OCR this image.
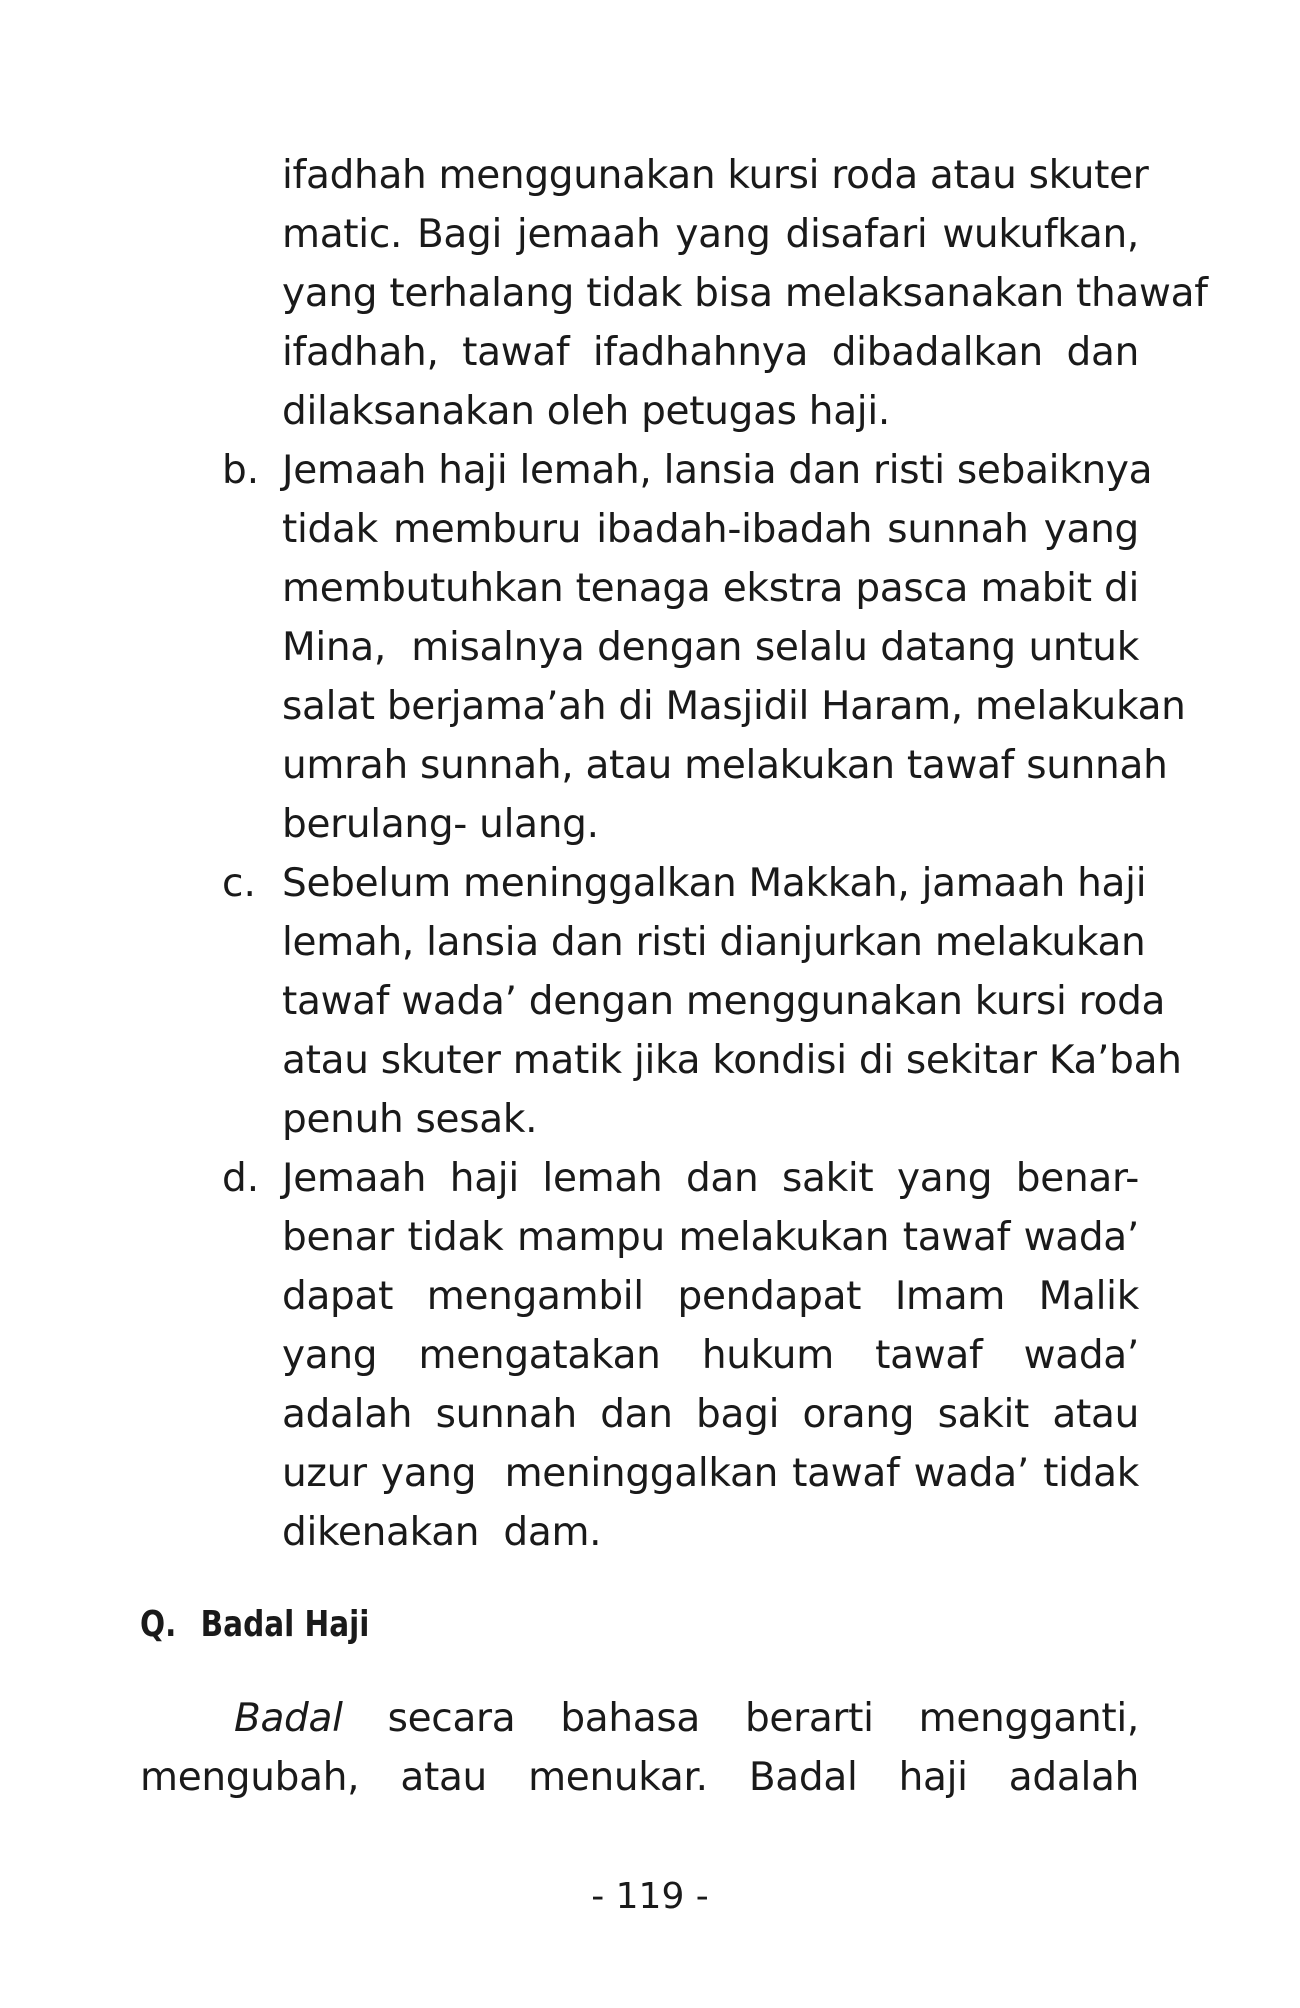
ifadhah menggunakan kursi roda atau skuter
matic. Bagi jemaah yang disafari wukufkan,
yang terhalang tidak bisa melaksanakan thawaf
ifadhah, tawaf ifadhahnya dibadalkan dan
dilaksanakan oleh petugas haji.
b. Jemaah haji lemah, lansia dan risti sebaiknya
tidak memburu ibadah-ibadah sunnah yang
membutuhkan tenaga ekstra pasca mabit di
Mina,  misalnya dengan selalu datang untuk
salat berjama’ah di Masjidil Haram, melakukan
umrah sunnah, atau melakukan tawaf sunnah
berulang- ulang.
c. Sebelum meninggalkan Makkah, jamaah haji
lemah, lansia dan risti dianjurkan melakukan
tawaf wada’ dengan menggunakan kursi roda
atau skuter matik jika kondisi di sekitar Ka’bah
penuh sesak.
d. Jemaah haji lemah dan sakit yang benar-
benar tidak mampu melakukan tawaf wada’
dapat mengambil pendapat Imam Malik
yang mengatakan hukum tawaf wada’
adalah sunnah dan bagi orang sakit atau
uzur yang  meninggalkan tawaf wada’ tidak
dikenakan  dam.
Q. Badal Haji
Badal secara bahasa berarti mengganti,
mengubah, atau menukar. Badal haji adalah
- 119 -
